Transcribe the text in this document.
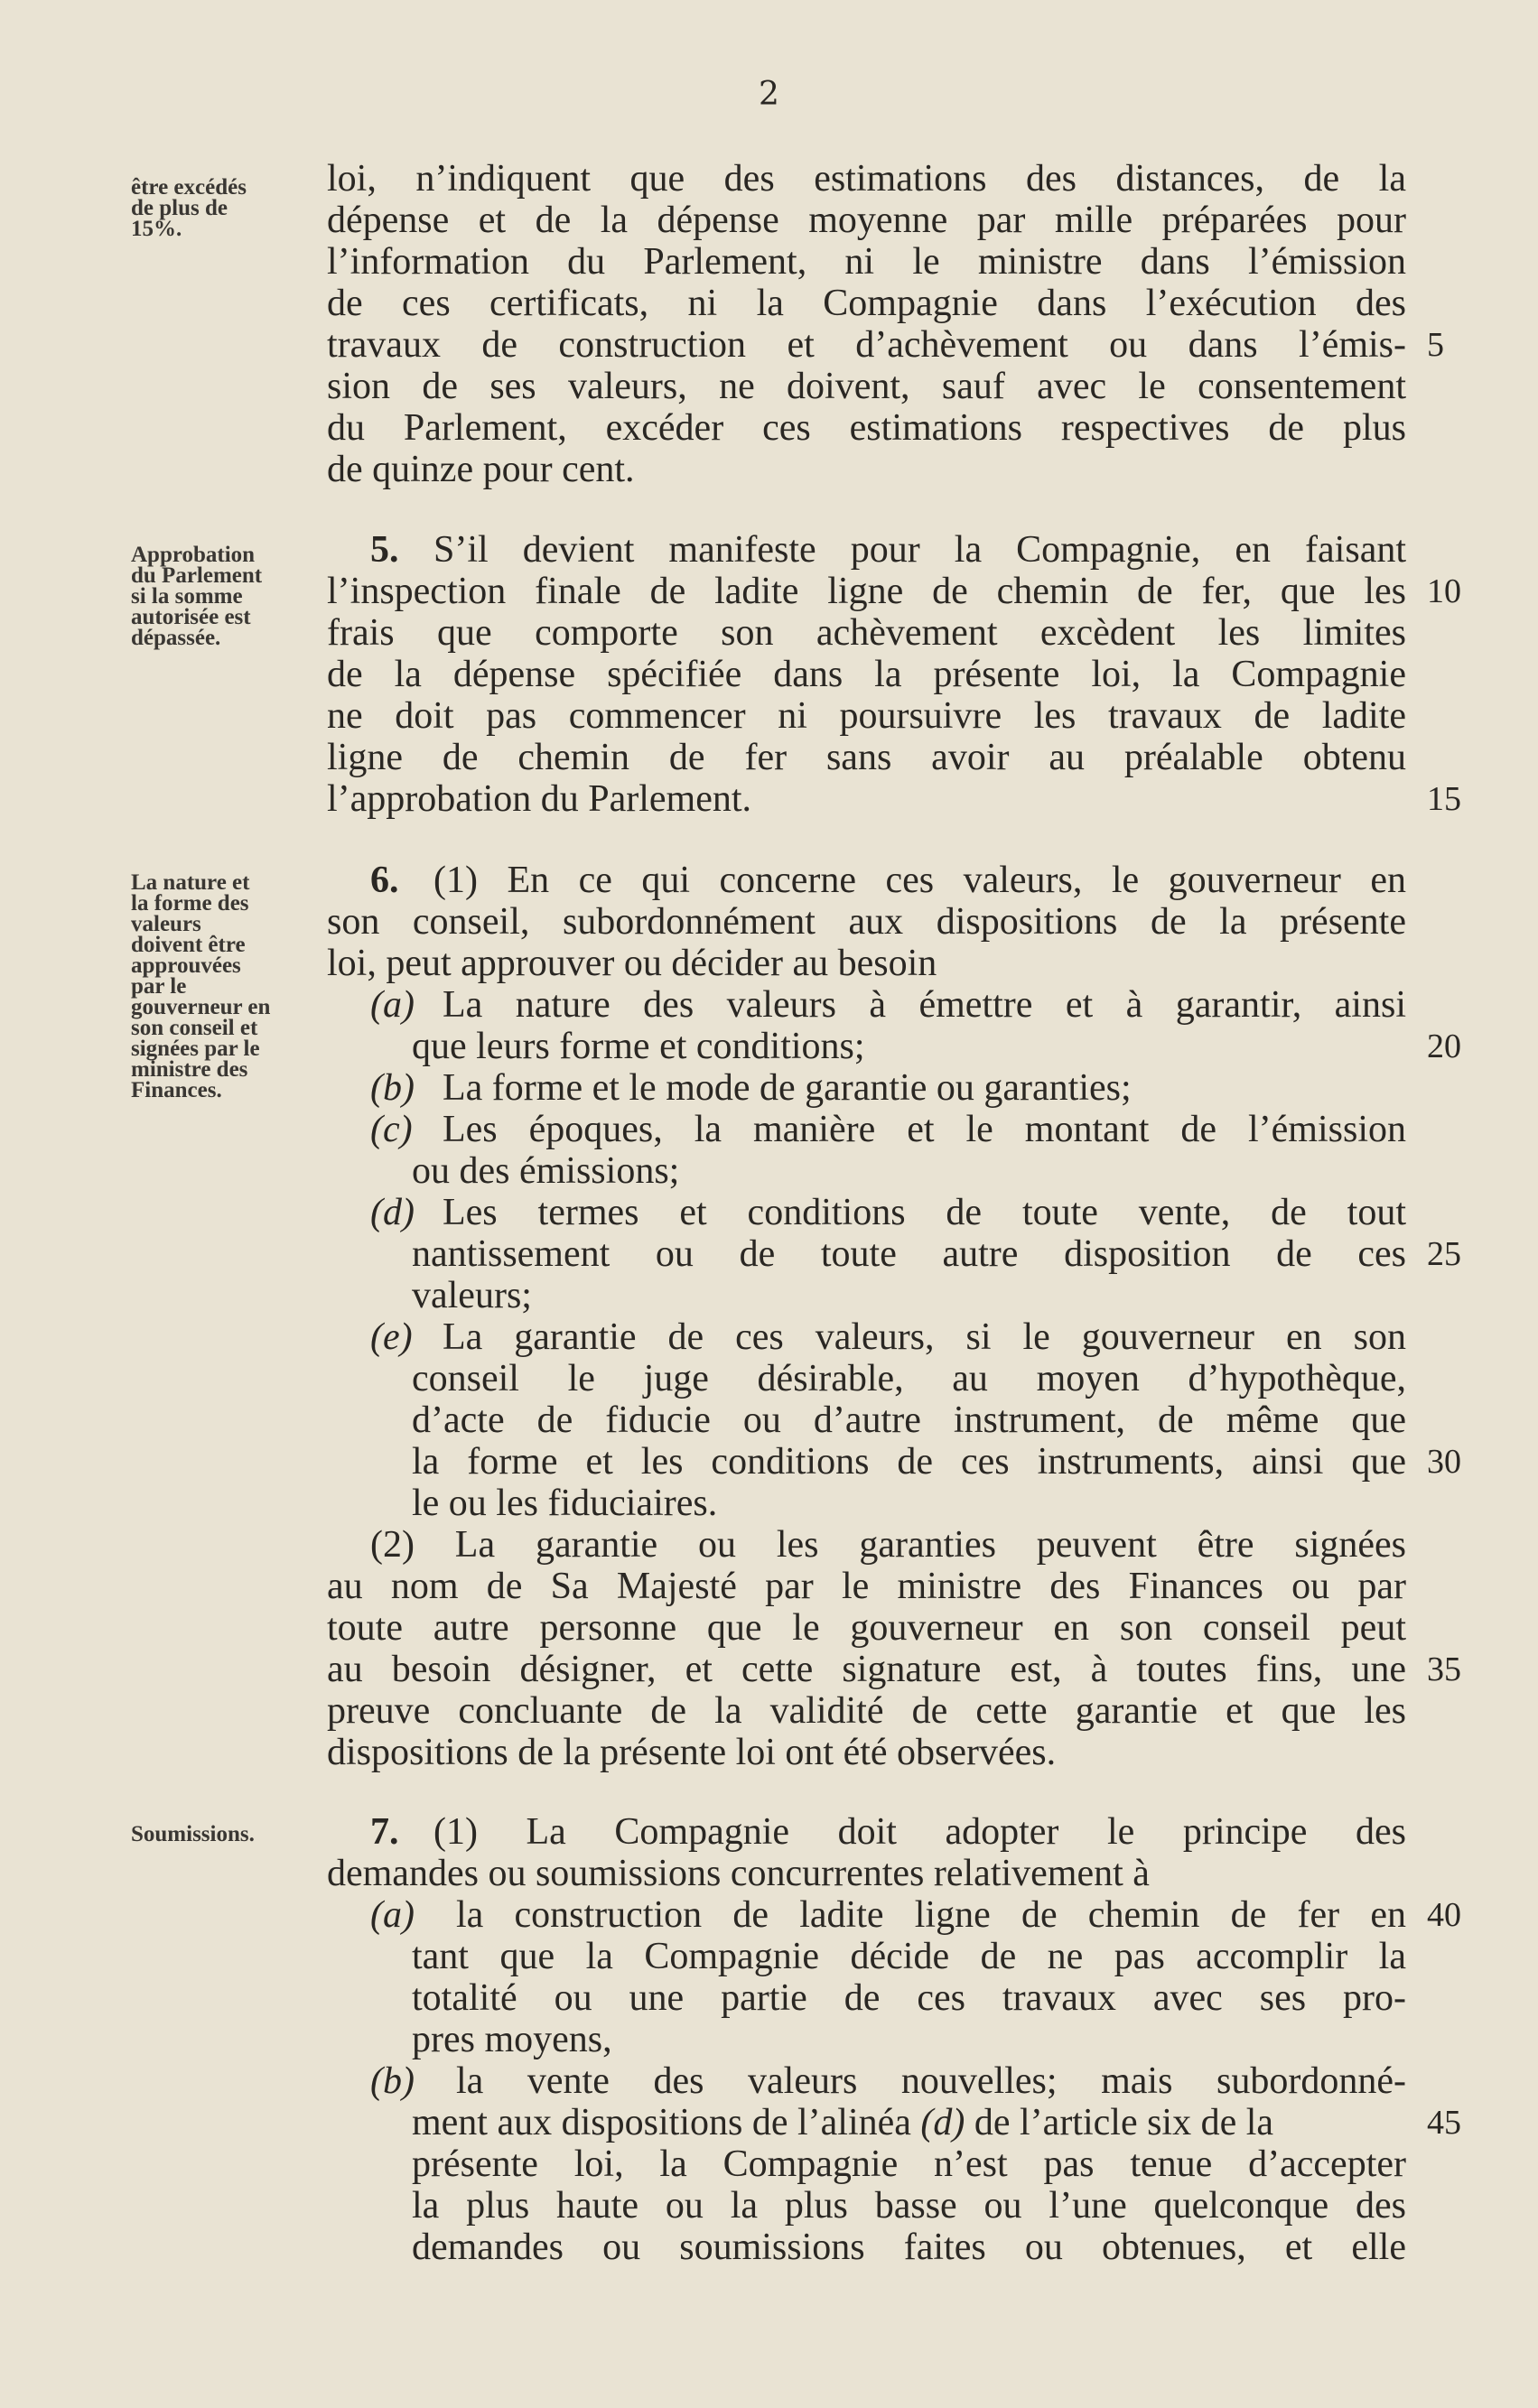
2
être excédés
de plus de
15%.
Approbation
du Parlement
si la somme
autorisée est
dépassée.
La nature et
la forme des
valeurs
doivent être
approuvées
par le
gouverneur en
son conseil et
signées par le
ministre des
Finances.
Soumissions.
loi, n’indiquent que des estimations des distances, de la
dépense et de la dépense moyenne par mille préparées pour
l’information du Parlement, ni le ministre dans l’émission
de ces certificats, ni la Compagnie dans l’exécution des
travaux de construction et d’achèvement ou dans l’émis-
sion de ses valeurs, ne doivent, sauf avec le consentement
du Parlement, excéder ces estimations respectives de plus
de quinze pour cent.
5. S’il devient manifeste pour la Compagnie, en faisant
l’inspection finale de ladite ligne de chemin de fer, que les
frais que comporte son achèvement excèdent les limites
de la dépense spécifiée dans la présente loi, la Compagnie
ne doit pas commencer ni poursuivre les travaux de ladite
ligne de chemin de fer sans avoir au préalable obtenu
l’approbation du Parlement.
6. (1) En ce qui concerne ces valeurs, le gouverneur en
son conseil, subordonnément aux dispositions de la présente
loi, peut approuver ou décider au besoin
(a) La nature des valeurs à émettre et à garantir, ainsi
que leurs forme et conditions;
(b) La forme et le mode de garantie ou garanties;
(c) Les époques, la manière et le montant de l’émission
ou des émissions;
(d) Les termes et conditions de toute vente, de tout
nantissement ou de toute autre disposition de ces
valeurs;
(e) La garantie de ces valeurs, si le gouverneur en son
conseil le juge désirable, au moyen d’hypothèque,
d’acte de fiducie ou d’autre instrument, de même que
la forme et les conditions de ces instruments, ainsi que
le ou les fiduciaires.
(2) La garantie ou les garanties peuvent être signées
au nom de Sa Majesté par le ministre des Finances ou par
toute autre personne que le gouverneur en son conseil peut
au besoin désigner, et cette signature est, à toutes fins, une
preuve concluante de la validité de cette garantie et que les
dispositions de la présente loi ont été observées.
7. (1) La Compagnie doit adopter le principe des
demandes ou soumissions concurrentes relativement à
(a) la construction de ladite ligne de chemin de fer en
tant que la Compagnie décide de ne pas accomplir la
totalité ou une partie de ces travaux avec ses pro-
pres moyens,
(b) la vente des valeurs nouvelles; mais subordonné-
ment aux dispositions de l’alinéa (d) de l’article six de la
présente loi, la Compagnie n’est pas tenue d’accepter
la plus haute ou la plus basse ou l’une quelconque des
demandes ou soumissions faites ou obtenues, et elle
5
10
15
20
25
30
35
40
45
